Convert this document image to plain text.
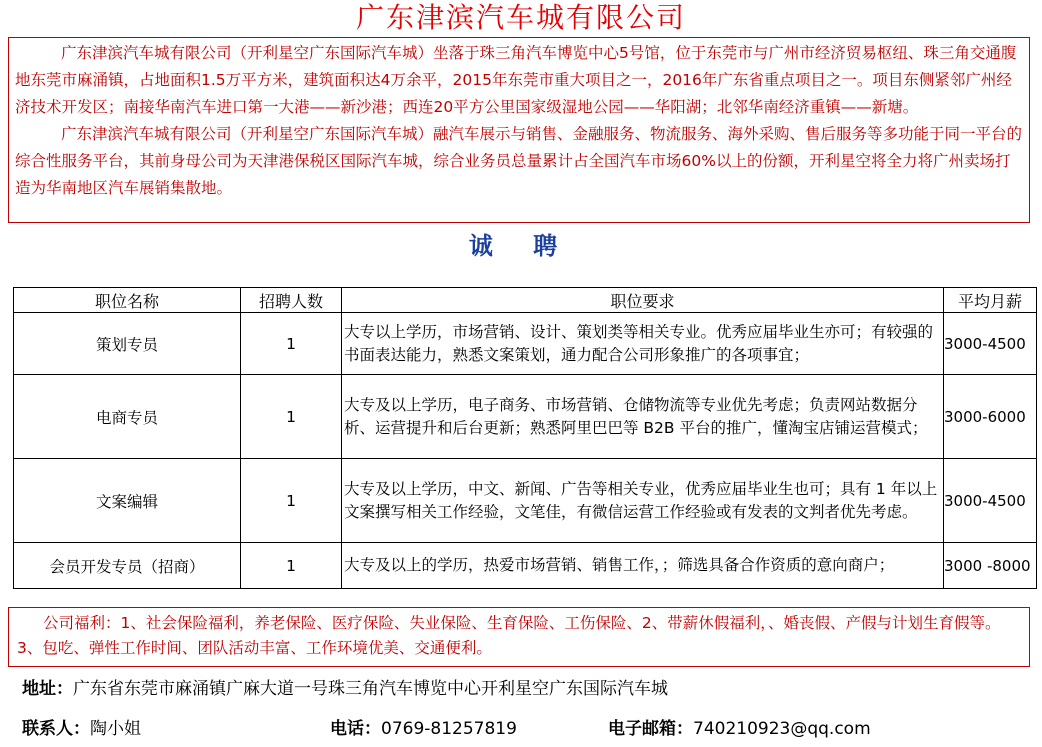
广东津滨汽车城有限公司

广东津滨汽车城有限公司（开利星空广东国际汽车城）坐落于珠三角汽车博览中心5号馆，位于东莞市与广州市经济贸易枢纽、珠三角交通腹地东莞市麻涌镇，占地面积1.5万平方米，建筑面积达4万余平，2015年东莞市重大项目之一，2016年广东省重点项目之一。项目东侧紧邻广州经济技术开发区；南接华南汽车进口第一大港——新沙港；西连20平方公里国家级湿地公园——华阳湖；北邻华南经济重镇——新塘。

广东津滨汽车城有限公司（开利星空广东国际汽车城）融汽车展示与销售、金融服务、物流服务、海外采购、售后服务等多功能于同一平台的综合性服务平台，其前身母公司为天津港保税区国际汽车城，综合业务员总量累计占全国汽车市场60%以上的份额，开利星空将全力将广州卖场打造为华南地区汽车展销集散地。

诚 聘
职位名称	招聘人数	职位要求	平均月薪
策划专员	1	大专以上学历，市场营销、设计、策划类等相关专业。优秀应届毕业生亦可；有较强的书面表达能力，熟悉文案策划，通力配合公司形象推广的各项事宜；	3000-4500
电商专员	1	大专及以上学历，电子商务、市场营销、仓储物流等专业优先考虑；负责网站数据分析、运营提升和后台更新；熟悉阿里巴巴等 B2B 平台的推广，懂淘宝店铺运营模式；	3000-6000
文案编辑	1	大专及以上学历，中文、新闻、广告等相关专业，优秀应届毕业生也可；具有 1 年以上文案撰写相关工作经验，文笔佳，有微信运营工作经验或有发表的文判者优先考虑。	3000-4500
会员开发专员（招商）	1	大专及以上的学历，热爱市场营销、销售工作，；筛选具备合作资质的意向商户；	3000 -8000

公司福利：1、社会保险福利，养老保险、医疗保险、失业保险、生育保险、工伤保险、2、带薪休假福利，、婚丧假、产假与计划生育假等。3、包吃、弹性工作时间、团队活动丰富、工作环境优美、交通便利。

地址：广东省东莞市麻涌镇广麻大道一号珠三角汽车博览中心开利星空广东国际汽车城
联系人：陶小姐	电话：0769-81257819	电子邮箱：740210923@qq.com
